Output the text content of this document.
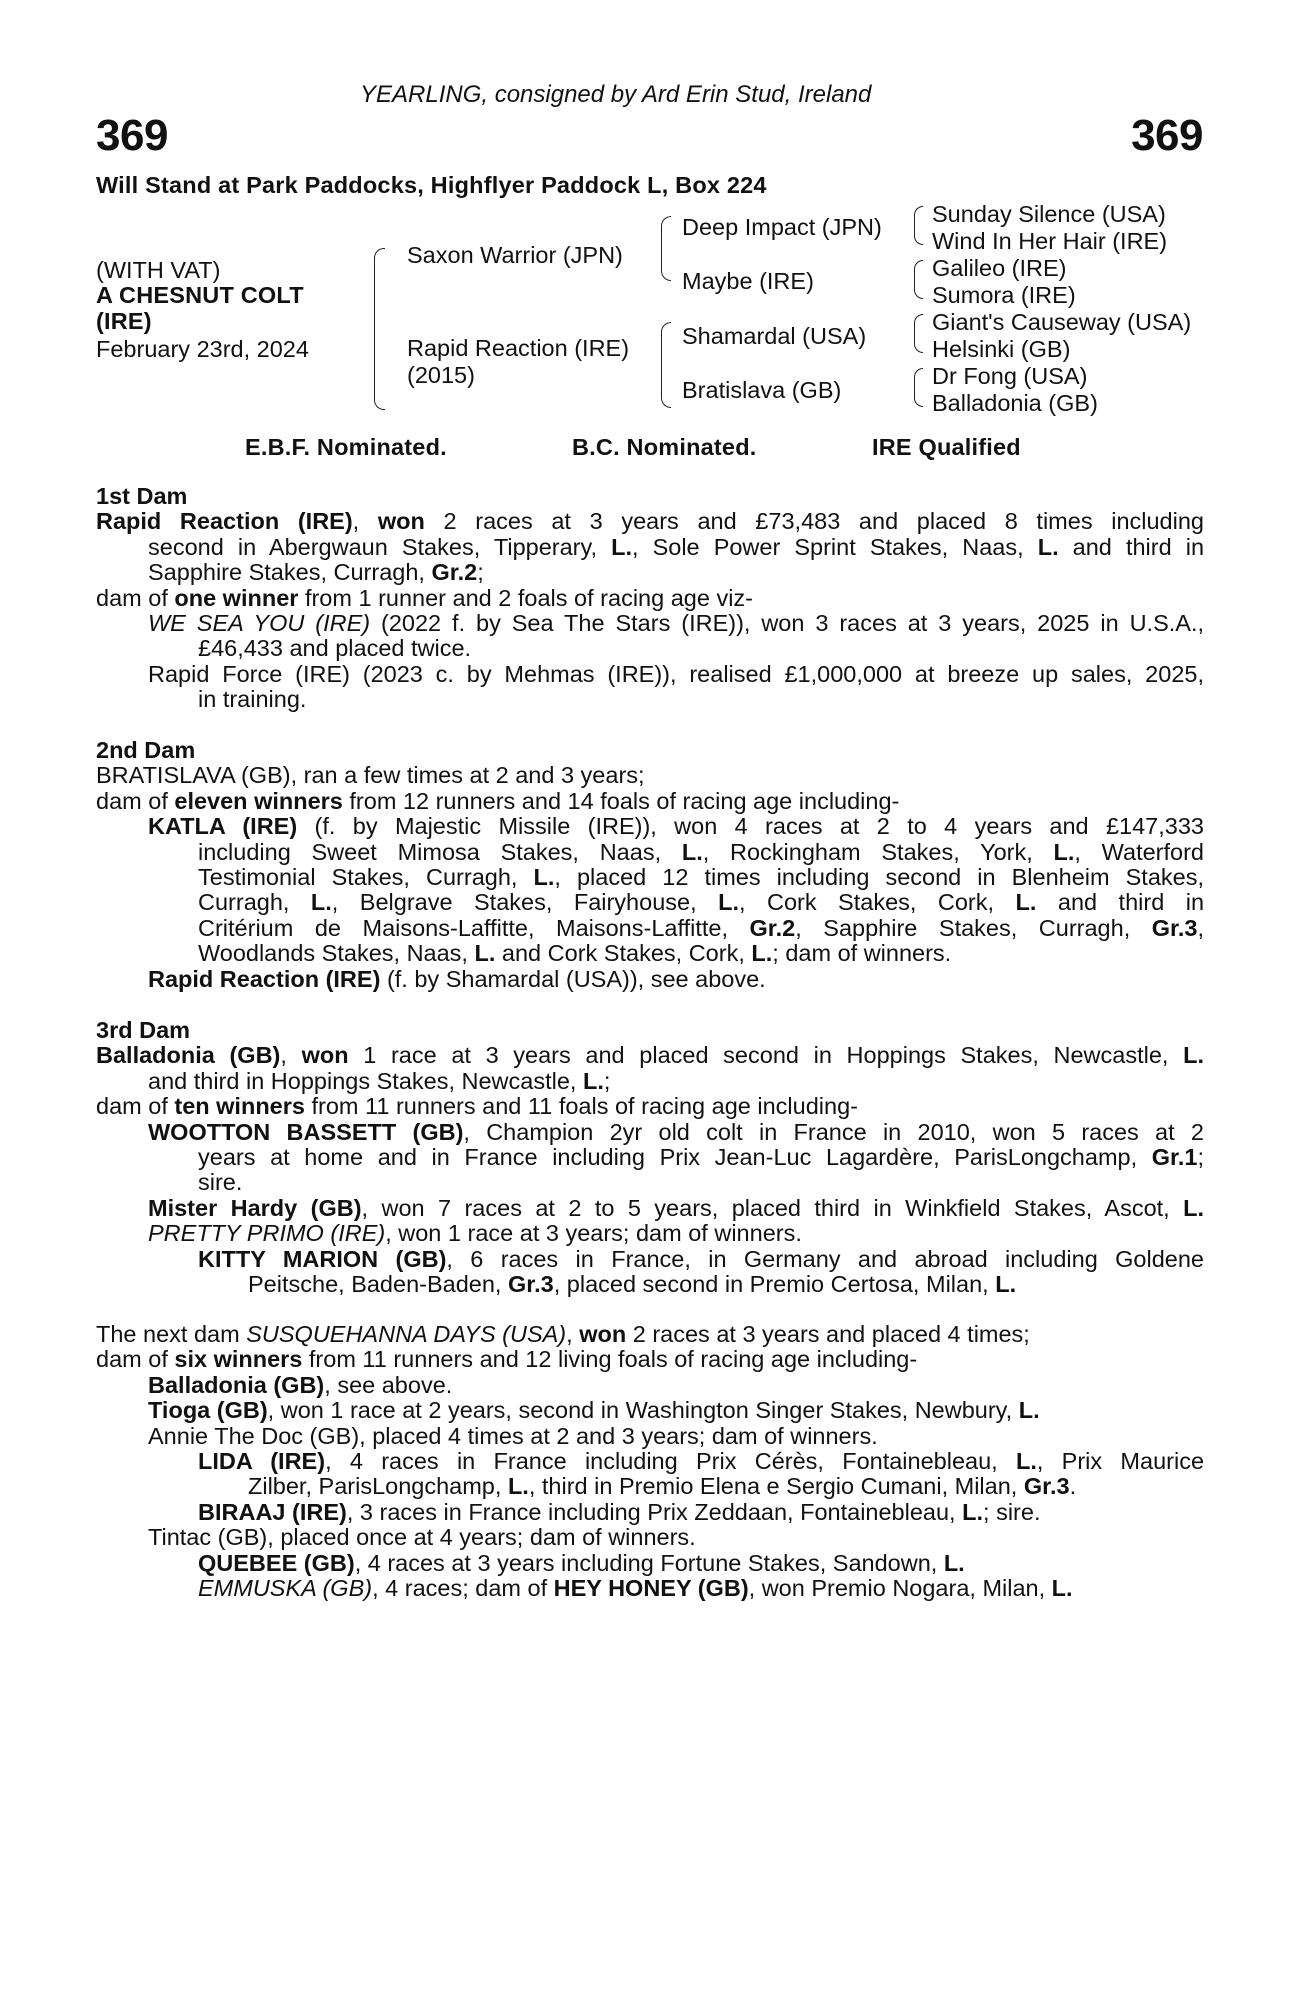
YEARLING, consigned by Ard Erin Stud, Ireland
369	369
Will Stand at Park Paddocks, Highflyer Paddock L, Box 224
(WITH VAT)
A CHESNUT COLT
(IRE)
February 23rd, 2024
Saxon Warrior (JPN)
Rapid Reaction (IRE)
(2015)
Deep Impact (JPN)
Maybe (IRE)
Shamardal (USA)
Bratislava (GB)
Sunday Silence (USA)
Wind In Her Hair (IRE)
Galileo (IRE)
Sumora (IRE)
Giant's Causeway (USA)
Helsinki (GB)
Dr Fong (USA)
Balladonia (GB)
E.B.F. Nominated.	B.C. Nominated.	IRE Qualified
1st Dam
Rapid Reaction (IRE), won 2 races at 3 years and £73,483 and placed 8 times including
second in Abergwaun Stakes, Tipperary, L., Sole Power Sprint Stakes, Naas, L. and third in
Sapphire Stakes, Curragh, Gr.2;
dam of one winner from 1 runner and 2 foals of racing age viz-
WE SEA YOU (IRE) (2022 f. by Sea The Stars (IRE)), won 3 races at 3 years, 2025 in U.S.A.,
£46,433 and placed twice.
Rapid Force (IRE) (2023 c. by Mehmas (IRE)), realised £1,000,000 at breeze up sales, 2025,
in training.
2nd Dam
BRATISLAVA (GB), ran a few times at 2 and 3 years;
dam of eleven winners from 12 runners and 14 foals of racing age including-
KATLA (IRE) (f. by Majestic Missile (IRE)), won 4 races at 2 to 4 years and £147,333
including Sweet Mimosa Stakes, Naas, L., Rockingham Stakes, York, L., Waterford
Testimonial Stakes, Curragh, L., placed 12 times including second in Blenheim Stakes,
Curragh, L., Belgrave Stakes, Fairyhouse, L., Cork Stakes, Cork, L. and third in
Critérium de Maisons-Laffitte, Maisons-Laffitte, Gr.2, Sapphire Stakes, Curragh, Gr.3,
Woodlands Stakes, Naas, L. and Cork Stakes, Cork, L.; dam of winners.
Rapid Reaction (IRE) (f. by Shamardal (USA)), see above.
3rd Dam
Balladonia (GB), won 1 race at 3 years and placed second in Hoppings Stakes, Newcastle, L.
and third in Hoppings Stakes, Newcastle, L.;
dam of ten winners from 11 runners and 11 foals of racing age including-
WOOTTON BASSETT (GB), Champion 2yr old colt in France in 2010, won 5 races at 2
years at home and in France including Prix Jean-Luc Lagardère, ParisLongchamp, Gr.1;
sire.
Mister Hardy (GB), won 7 races at 2 to 5 years, placed third in Winkfield Stakes, Ascot, L.
PRETTY PRIMO (IRE), won 1 race at 3 years; dam of winners.
KITTY MARION (GB), 6 races in France, in Germany and abroad including Goldene
Peitsche, Baden-Baden, Gr.3, placed second in Premio Certosa, Milan, L.
The next dam SUSQUEHANNA DAYS (USA), won 2 races at 3 years and placed 4 times;
dam of six winners from 11 runners and 12 living foals of racing age including-
Balladonia (GB), see above.
Tioga (GB), won 1 race at 2 years, second in Washington Singer Stakes, Newbury, L.
Annie The Doc (GB), placed 4 times at 2 and 3 years; dam of winners.
LIDA (IRE), 4 races in France including Prix Cérès, Fontainebleau, L., Prix Maurice
Zilber, ParisLongchamp, L., third in Premio Elena e Sergio Cumani, Milan, Gr.3.
BIRAAJ (IRE), 3 races in France including Prix Zeddaan, Fontainebleau, L.; sire.
Tintac (GB), placed once at 4 years; dam of winners.
QUEBEE (GB), 4 races at 3 years including Fortune Stakes, Sandown, L.
EMMUSKA (GB), 4 races; dam of HEY HONEY (GB), won Premio Nogara, Milan, L.
